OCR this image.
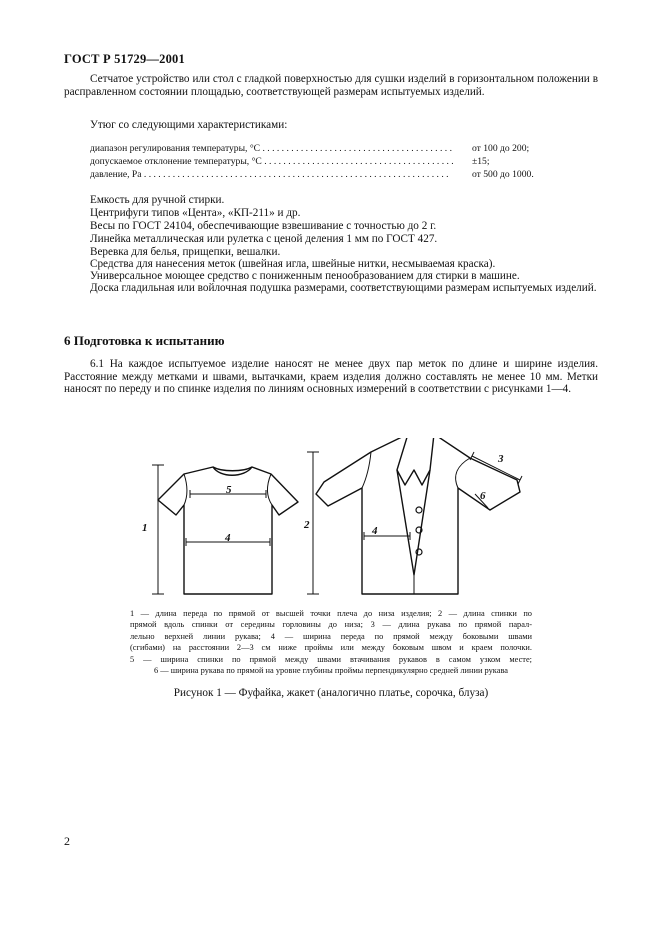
ГОСТ Р 51729—2001

Сетчатое устройство или стол с гладкой поверхностью для сушки изделий в горизонтальном положении в расправленном состоянии площадью, соответствующей размерам испытуемых изделий.

Утюг со следующими характеристиками:
диапазон регулирования температуры, °С . . . . . . . . . . . . . . . . . . . . . . . . . . . . . . . . . . . . . . . .	от 100 до 200;
допускаемое отклонение температуры, °С . . . . . . . . . . . . . . . . . . . . . . . . . . . . . . . . . . . . . . . .	±15;
давление, Ра . . . . . . . . . . . . . . . . . . . . . . . . . . . . . . . . . . . . . . . . . . . . . . . . . . . . . . . . . . . . . . . .	от 500 до 1000.
Емкость для ручной стирки.
Центрифуги типов «Цента», «КП-211» и др.
Весы по ГОСТ 24104, обеспечивающие взвешивание с точностью до 2 г.
Линейка металлическая или рулетка с ценой деления 1 мм по ГОСТ 427.
Веревка для белья, прищепки, вешалки.
Средства для нанесения меток (швейная игла, швейные нитки, несмываемая краска).
Универсальное моющее средство с пониженным пенообразованием для стирки в машине.

Доска гладильная или войлочная подушка размерами, соответствующими размерам испытуемых изделий.

6 Подготовка к испытанию

6.1 На каждое испытуемое изделие наносят не менее двух пар меток по длине и ширине изделия. Расстояние между метками и швами, вытачками, краем изделия должно составлять не менее 10 мм. Метки наносят по переду и по спинке изделия по линиям основных измерений в соответствии с рисунками 1—4.

1	2
3
4
4
5	6

1 — длина переда по прямой от высшей точки плеча до низа изделия; 2 — длина спинки по
прямой вдоль спинки от середины горловины до низа; 3 — длина рукава по прямой парал-
лельно верхней линии рукава; 4 — ширина переда по прямой между боковыми швами
(сгибами) на расстоянии 2—3 см ниже проймы или между боковым швом и краем полочки.
5 — ширина спинки по прямой между швами втачивания рукавов в самом узком месте;
6 — ширина рукава по прямой на уровне глубины проймы перпендикулярно средней линии рукава

Рисунок 1 — Фуфайка, жакет (аналогично платье, сорочка, блуза)
2
